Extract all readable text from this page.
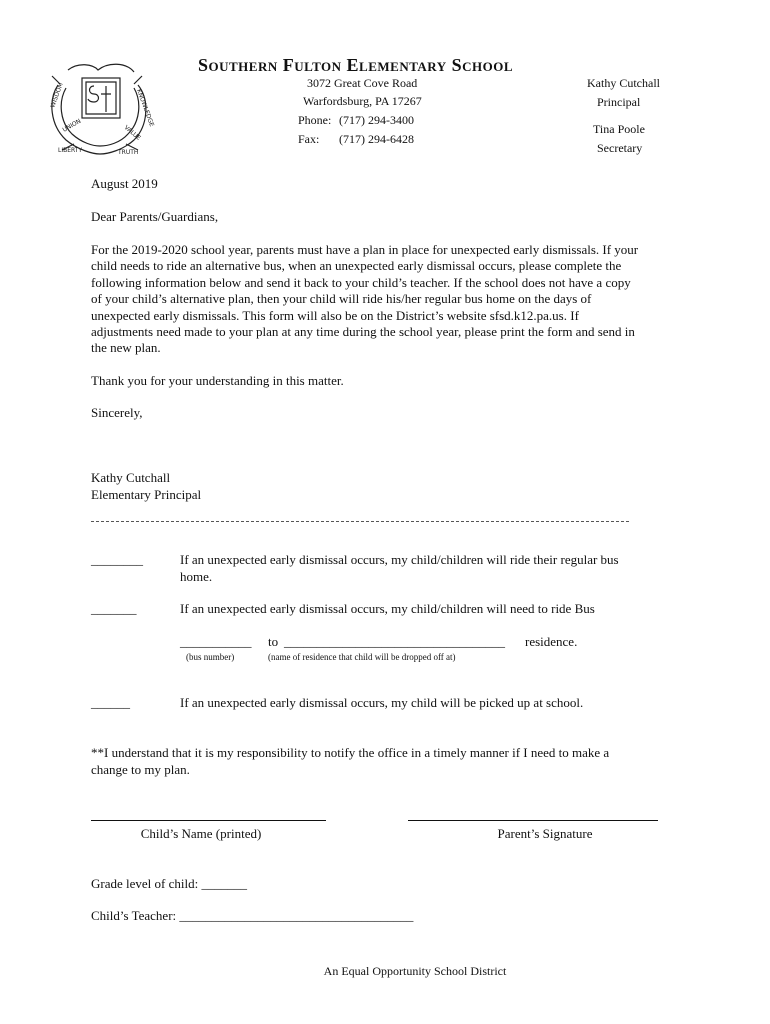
WISDOM	KNOWLEDGE
UNION	VALUE
LIBERTY	TRUTH
Southern Fulton Elementary School
3072 Great Cove Road
Warfordsburg, PA 17267
Phone: (717) 294-3400
Fax: (717) 294-6428
Kathy Cutchall
Principal
Tina Poole
Secretary
August 2019
Dear Parents/Guardians,
For the 2019-2020 school year, parents must have a plan in place for unexpected early dismissals. If your
child needs to ride an alternative bus, when an unexpected early dismissal occurs, please complete the
following information below and send it back to your child’s teacher. If the school does not have a copy
of your child’s alternative plan, then your child will ride his/her regular bus home on the days of
unexpected early dismissals. This form will also be on the District’s website sfsd.k12.pa.us. If
adjustments need made to your plan at any time during the school year, please print the form and send in
the new plan.
Thank you for your understanding in this matter.
Sincerely,
Kathy Cutchall
Elementary Principal
________	If an unexpected early dismissal occurs, my child/children will ride their regular bus
home.
_______	If an unexpected early dismissal occurs, my child/children will need to ride Bus
___________ to __________________________________ residence.
(bus number)	(name of residence that child will be dropped off at)
______	If an unexpected early dismissal occurs, my child will be picked up at school.
**I understand that it is my responsibility to notify the office in a timely manner if I need to make a
change to my plan.
Child’s Name (printed)	Parent’s Signature
Grade level of child: _______
Child’s Teacher: ____________________________________
An Equal Opportunity School District
